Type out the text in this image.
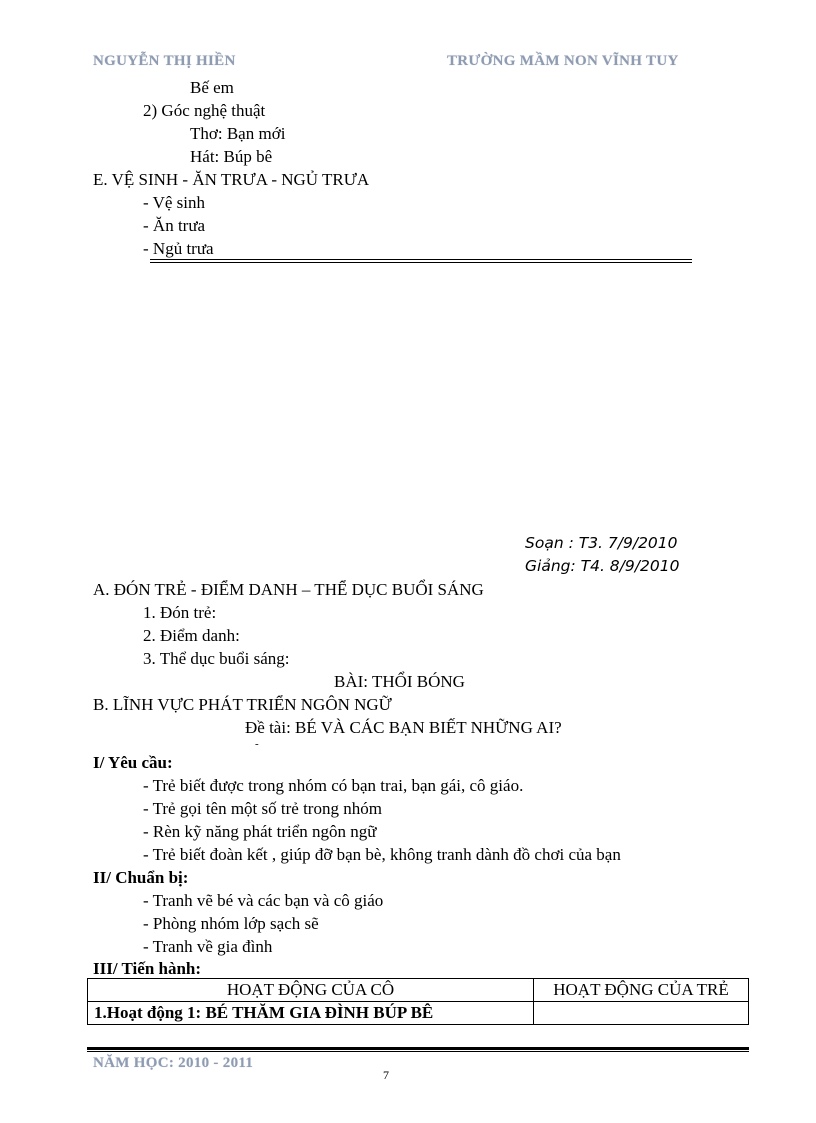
NGUYỄN THỊ HIỀN	TRƯỜNG MẦM NON VĨNH TUY
Bế em
2) Góc nghệ thuật
Thơ: Bạn mới
Hát: Búp bê
E. VỆ SINH - ĂN TRƯA - NGỦ TRƯA
- Vệ sinh
- Ăn trưa
- Ngủ trưa
Soạn : T3. 7/9/2010
Giảng: T4. 8/9/2010
A. ĐÓN TRẺ - ĐIỂM DANH – THỂ DỤC BUỔI SÁNG
1. Đón trẻ:
2. Điểm danh:
3. Thể dục buổi sáng:
BÀI: THỔI BÓNG
B. LĨNH VỰC PHÁT TRIỂN NGÔN NGỮ
Đề tài: BÉ VÀ CÁC BẠN BIẾT NHỮNG AI?
-
I/ Yêu cầu:
- Trẻ biết được trong nhóm có bạn trai, bạn gái, cô giáo.
- Trẻ gọi tên một số trẻ trong nhóm
- Rèn kỹ năng phát triển ngôn ngữ
- Trẻ biết đoàn kết , giúp đỡ bạn bè, không tranh dành đồ chơi của bạn
II/ Chuẩn bị:
- Tranh vẽ bé và các bạn và cô giáo
- Phòng nhóm lớp sạch sẽ
- Tranh về gia đình
III/ Tiến hành:
HOẠT ĐỘNG CỦA CÔ	HOẠT ĐỘNG CỦA TRẺ
1.Hoạt động 1: BÉ THĂM GIA ĐÌNH BÚP BÊ	
NĂM HỌC: 2010 - 2011
7
